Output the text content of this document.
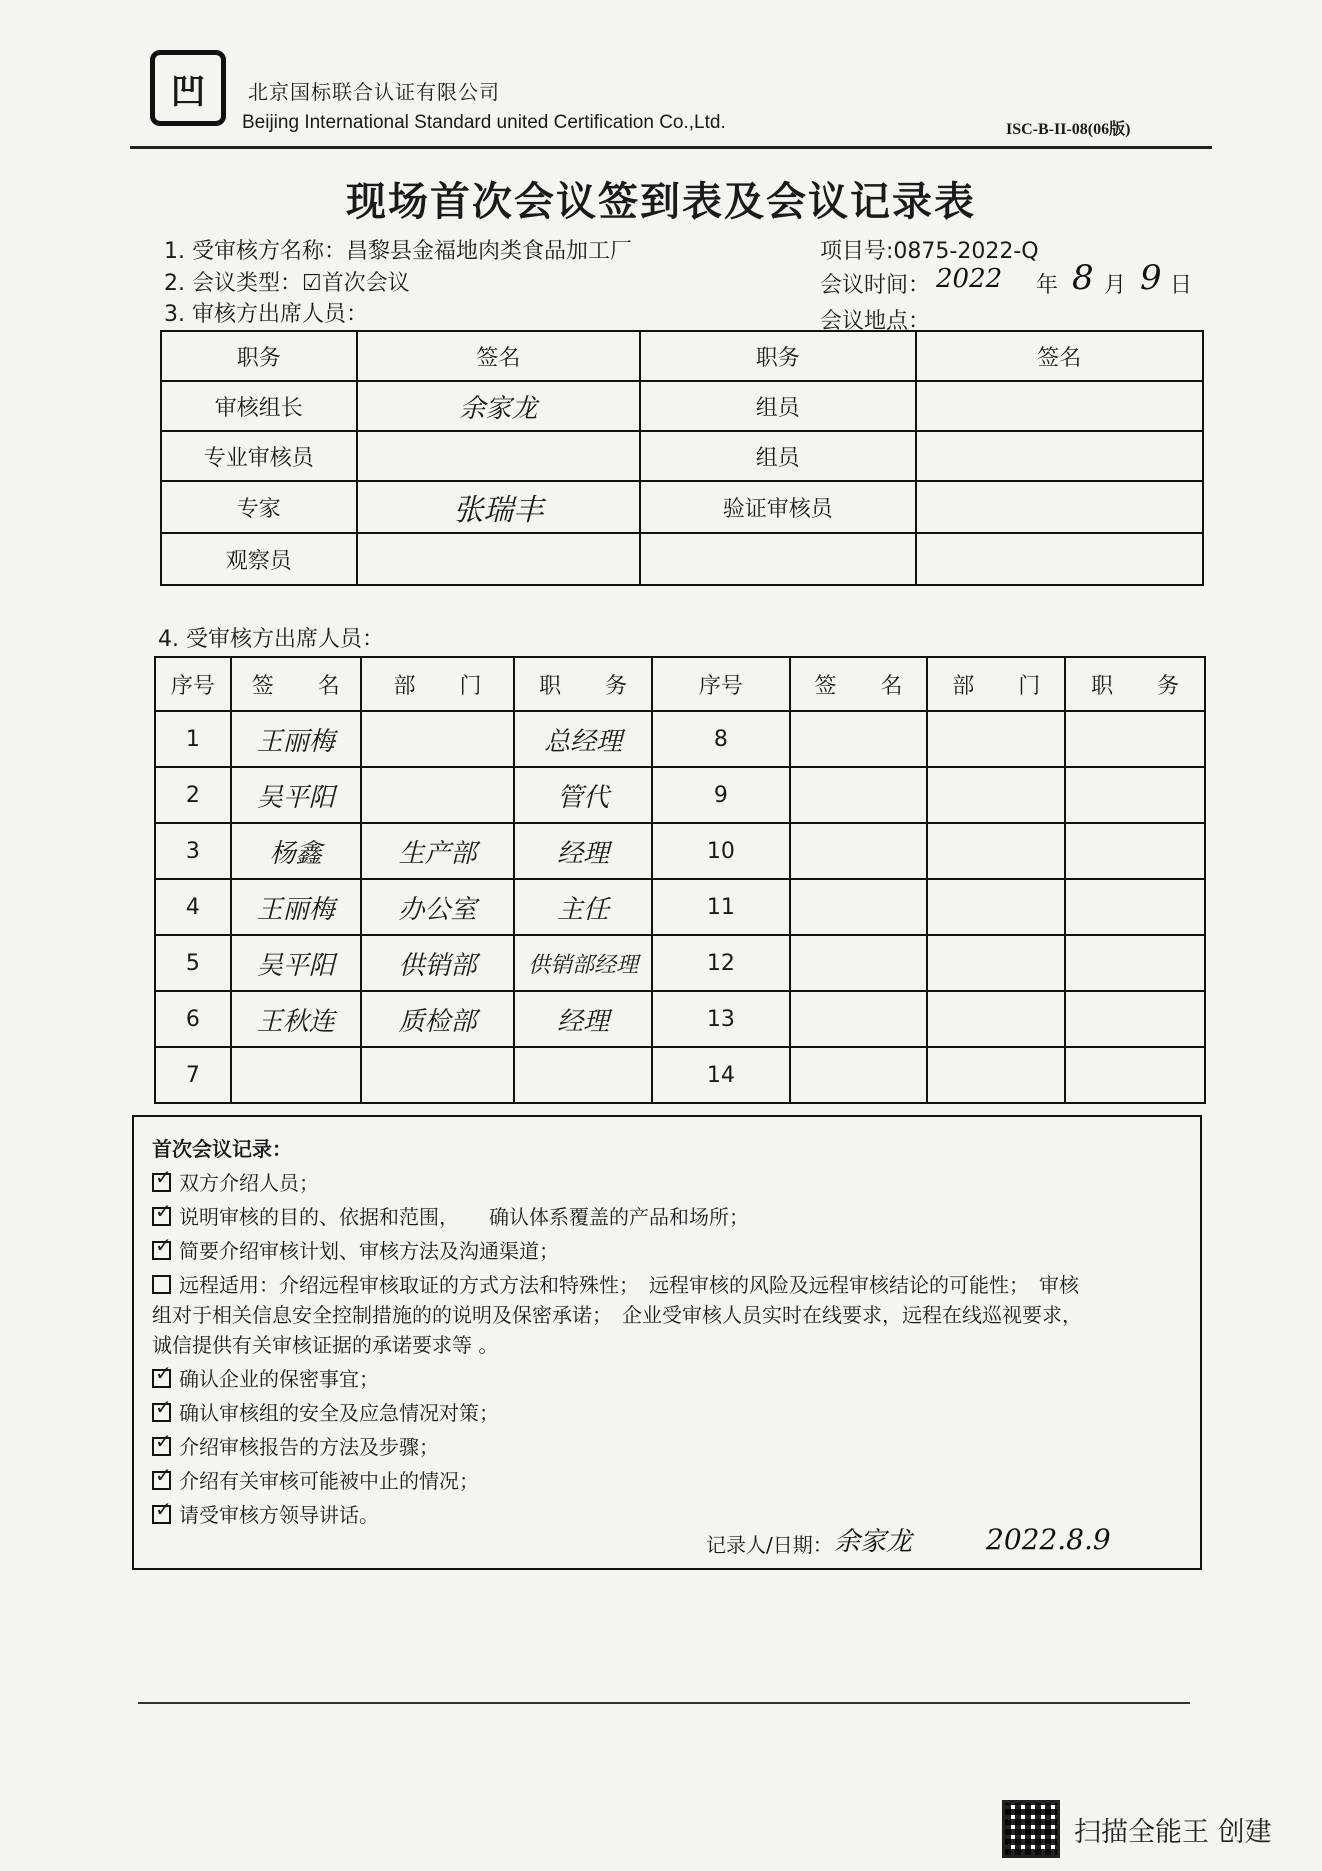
凹 北京国标联合认证有限公司
Beijing International Standard united Certification Co.,Ltd.	ISC-B-II-08(06版)
现场首次会议签到表及会议记录表
1. 受审核方名称：昌黎县金福地肉类食品加工厂	项目号:0875-2022-Q
2. 会议类型：☑首次会议	会议时间： 2022 年 8 月 9 日
3. 审核方出席人员：	会议地点：
职务	签名	职务	签名
审核组长	余家龙	组员	
专业审核员		组员	
专家	张瑞丰	验证审核员	
观察员			
4. 受审核方出席人员：
序号	签　　名	部　　门	职　　务	序号	签　　名	部　　门	职　　务
1	王丽梅		总经理	8			
2	吴平阳		管代	9			
3	杨鑫	生产部	经理	10			
4	王丽梅	办公室	主任	11			
5	吴平阳	供销部	供销部经理	12			
6	王秋连	质检部	经理	13			
7				14			
首次会议记录：
✓双方介绍人员；
✓说明审核的目的、依据和范围，　　确认体系覆盖的产品和场所；
✓简要介绍审核计划、审核方法及沟通渠道；
远程适用：介绍远程审核取证的方式方法和特殊性；　远程审核的风险及远程审核结论的可能性；　审核
组对于相关信息安全控制措施的的说明及保密承诺；　企业受审核人员实时在线要求，远程在线巡视要求，
诚信提供有关审核证据的承诺要求等 。
✓确认企业的保密事宜；
✓确认审核组的安全及应急情况对策；
✓介绍审核报告的方法及步骤；
✓介绍有关审核可能被中止的情况；
✓请受审核方领导讲话。
记录人/日期： 余家龙	2022.8.9
扫描全能王 创建
